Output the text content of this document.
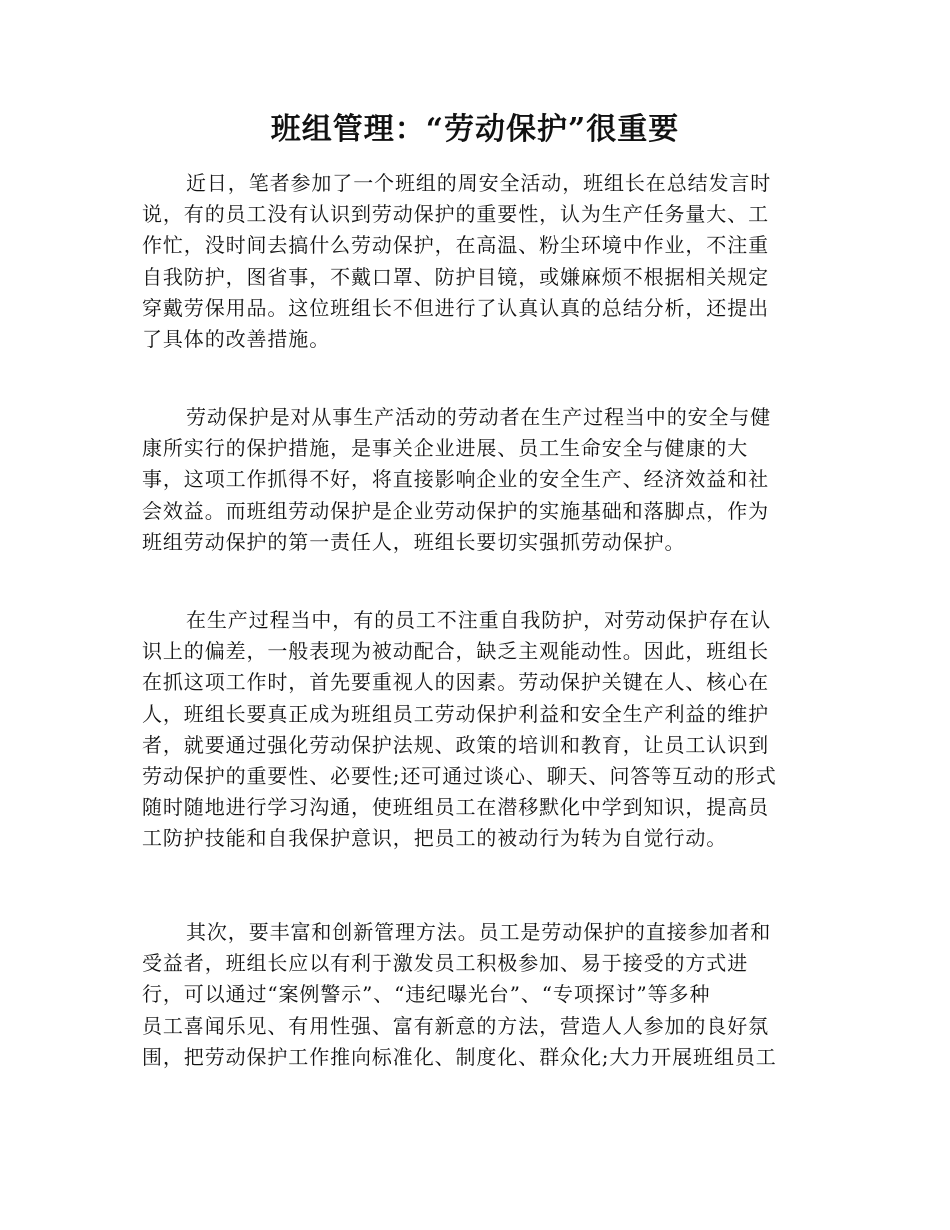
班组管理：“劳动保护”很重要

近日，笔者参加了一个班组的周安全活动，班组长在总结发言时
说，有的员工没有认识到劳动保护的重要性，认为生产任务量大、工
作忙，没时间去搞什么劳动保护，在高温、粉尘环境中作业，不注重
自我防护，图省事，不戴口罩、防护目镜，或嫌麻烦不根据相关规定
穿戴劳保用品。这位班组长不但进行了认真认真的总结分析，还提出
了具体的改善措施。

劳动保护是对从事生产活动的劳动者在生产过程当中的安全与健
康所实行的保护措施，是事关企业进展、员工生命安全与健康的大
事，这项工作抓得不好，将直接影响企业的安全生产、经济效益和社
会效益。而班组劳动保护是企业劳动保护的实施基础和落脚点，作为
班组劳动保护的第一责任人，班组长要切实强抓劳动保护。

在生产过程当中，有的员工不注重自我防护，对劳动保护存在认
识上的偏差，一般表现为被动配合，缺乏主观能动性。因此，班组长
在抓这项工作时，首先要重视人的因素。劳动保护关键在人、核心在
人，班组长要真正成为班组员工劳动保护利益和安全生产利益的维护
者，就要通过强化劳动保护法规、政策的培训和教育，让员工认识到
劳动保护的重要性、必要性;还可通过谈心、聊天、问答等互动的形式
随时随地进行学习沟通，使班组员工在潜移默化中学到知识，提高员
工防护技能和自我保护意识，把员工的被动行为转为自觉行动。

其次，要丰富和创新管理方法。员工是劳动保护的直接参加者和
受益者，班组长应以有利于激发员工积极参加、易于接受的方式进
行，可以通过“案例警示”、“违纪曝光台”、“专项探讨”等多种
员工喜闻乐见、有用性强、富有新意的方法，营造人人参加的良好氛
围，把劳动保护工作推向标准化、制度化、群众化;大力开展班组员工
